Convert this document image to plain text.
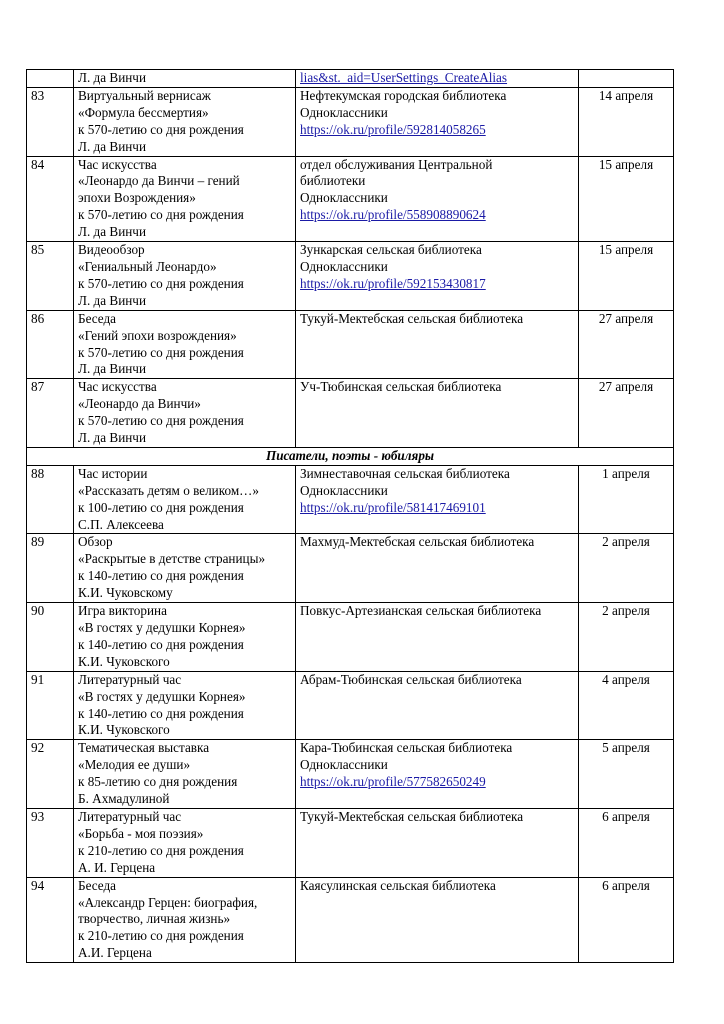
	Л. да Винчи	lias&st._aid=UserSettings_CreateAlias	

83	Виртуальный вернисаж
«Формула бессмертия»
к 570-летию со дня рождения
Л. да Винчи	Нефтекумская городская библиотека
Одноклассники
https://ok.ru/profile/592814058265	14 апреля
84	Час искусства
«Леонардо да Винчи – гений
эпохи Возрождения»
к 570-летию со дня рождения
Л. да Винчи	отдел обслуживания Центральной
библиотеки
Одноклассники
https://ok.ru/profile/558908890624	15 апреля
85	Видеообзор
«Гениальный Леонардо»
к 570-летию со дня рождения
Л. да Винчи	Зункарская сельская библиотека
Одноклассники
https://ok.ru/profile/592153430817	15 апреля
86	Беседа
«Гений эпохи возрождения»
к 570-летию со дня рождения
Л. да Винчи	Тукуй-Мектебская сельская библиотека	27 апреля
87	Час искусства
«Леонардо да Винчи»
к 570-летию со дня рождения
Л. да Винчи	Уч-Тюбинская сельская библиотека	27 апреля
Писатели, поэты - юбиляры			
88	Час истории
«Рассказать детям о великом…»
к 100-летию со дня рождения
С.П. Алексеева	Зимнеставочная сельская библиотека
Одноклассники
https://ok.ru/profile/581417469101	1 апреля
89	Обзор
«Раскрытые в детстве страницы»
к 140-летию со дня рождения
К.И. Чуковскому	Махмуд-Мектебская сельская библиотека	2 апреля
90	Игра викторина
«В гостях у дедушки Корнея»
к 140-летию со дня рождения
К.И. Чуковского	Повкус-Артезианская сельская библиотека	2 апреля
91	Литературный час
«В гостях у дедушки Корнея»
к 140-летию со дня рождения
К.И. Чуковского	Абрам-Тюбинская сельская библиотека	4 апреля
92	Тематическая выставка
«Мелодия ее души»
к 85-летию со дня рождения
Б. Ахмадулиной	Кара-Тюбинская сельская библиотека
Одноклассники
https://ok.ru/profile/577582650249	5 апреля
93	Литературный час
«Борьба - моя поэзия»
к 210-летию со дня рождения
А. И. Герцена	Тукуй-Мектебская сельская библиотека	6 апреля
94	Беседа
«Александр Герцен: биография,
творчество, личная жизнь»
к 210-летию со дня рождения
А.И. Герцена	Каясулинская сельская библиотека	6 апреля
